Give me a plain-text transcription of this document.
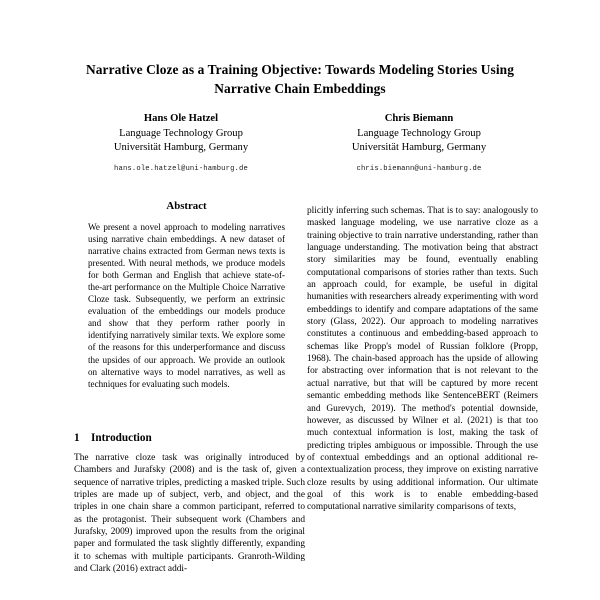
Narrative Cloze as a Training Objective: Towards Modeling Stories Using Narrative Chain Embeddings
Hans Ole Hatzel
Language Technology Group
Universität Hamburg, Germany
hans.ole.hatzel@uni-hamburg.de
Chris Biemann
Language Technology Group
Universität Hamburg, Germany
chris.biemann@uni-hamburg.de
Abstract

We present a novel approach to modeling narratives using narrative chain embeddings. A new dataset of narrative chains extracted from German news texts is presented. With neural methods, we produce models for both German and English that achieve state-of-the-art performance on the Multiple Choice Narrative Cloze task. Subsequently, we perform an extrinsic evaluation of the embeddings our models produce and show that they perform rather poorly in identifying narratively similar texts. We explore some of the reasons for this underperformance and discuss the upsides of our approach. We provide an outlook on alternative ways to model narratives, as well as techniques for evaluating such models.

1 Introduction

The narrative cloze task was originally introduced by Chambers and Jurafsky (2008) and is the task of, given a sequence of narrative triples, predicting a masked triple. Such triples are made up of subject, verb, and object, and the triples in one chain share a common participant, referred to as the protagonist. Their subsequent work (Chambers and Jurafsky, 2009) improved upon the results from the original paper and formulated the task slightly differently, expanding it to schemas with multiple participants. Granroth-Wilding and Clark (2016) extract addi-

plicitly inferring such schemas. That is to say: analogously to masked language modeling, we use narrative cloze as a training objective to train narrative understanding, rather than language understanding. The motivation being that abstract story similarities may be found, eventually enabling computational comparisons of stories rather than texts. Such an approach could, for example, be useful in digital humanities with researchers already experimenting with word embeddings to identify and compare adaptations of the same story (Glass, 2022). Our approach to modeling narratives constitutes a continuous and embedding-based approach to schemas like Propp's model of Russian folklore (Propp, 1968). The chain-based approach has the upside of allowing for abstracting over information that is not relevant to the actual narrative, but that will be captured by more recent semantic embedding methods like SentenceBERT (Reimers and Gurevych, 2019). The method's potential downside, however, as discussed by Wilner et al. (2021) is that too much contextual information is lost, making the task of predicting triples ambiguous or impossible. Through the use of contextual embeddings and an optional additional re-contextualization process, they improve on existing narrative cloze results by using additional information. Our ultimate goal of this work is to enable embedding-based computational narrative similarity comparisons of texts,
